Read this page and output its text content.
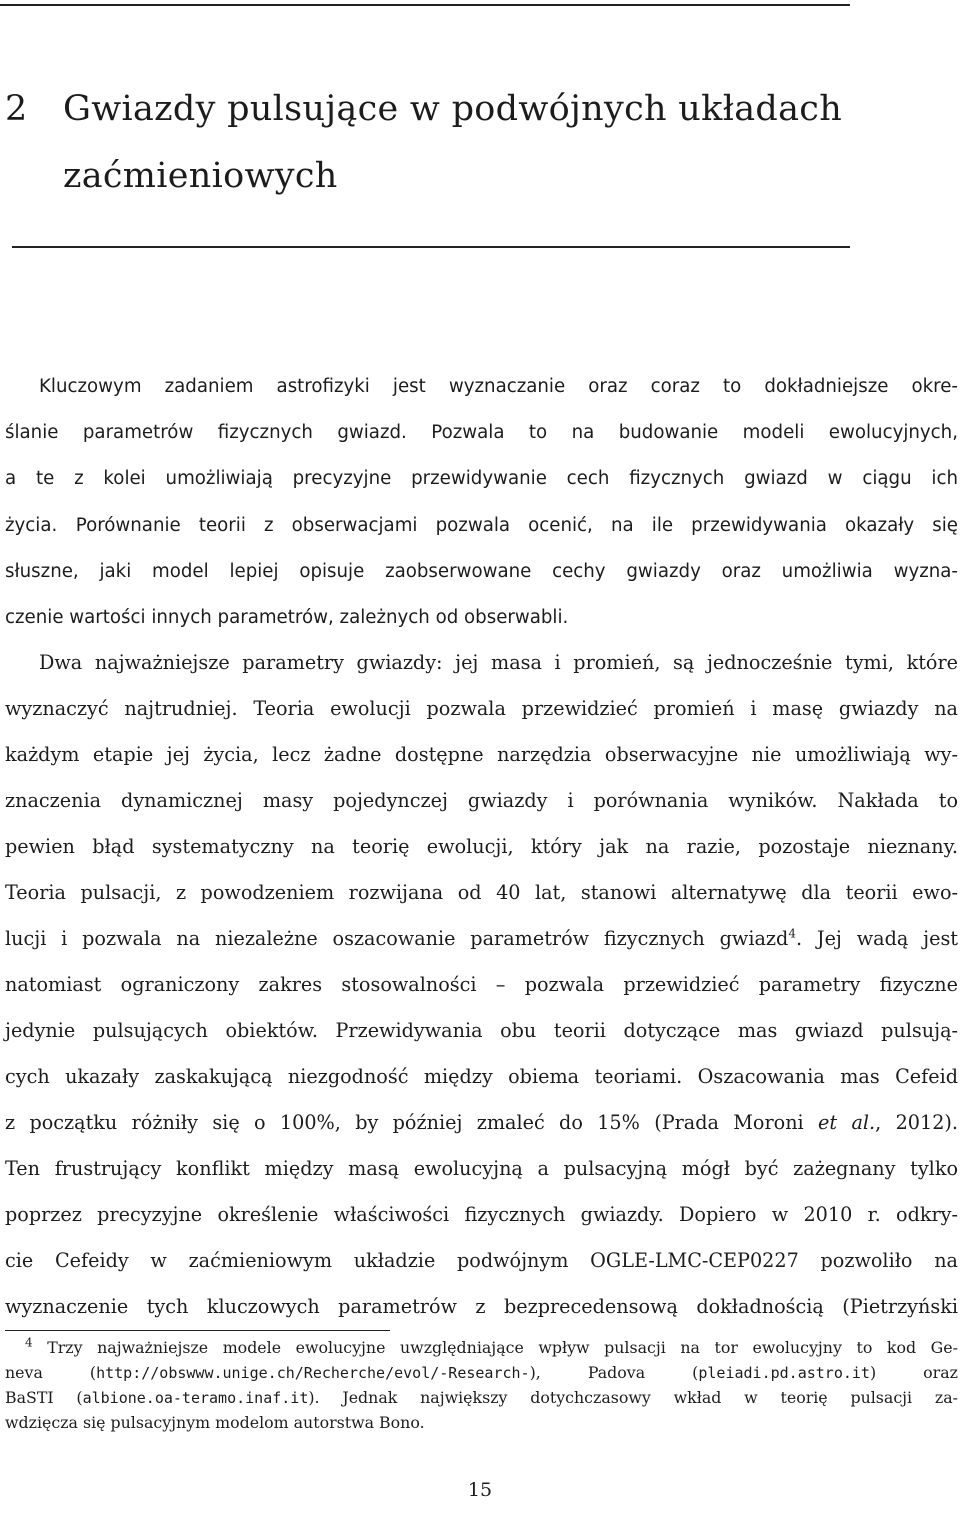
2 Gwiazdy pulsujące w podwójnych układach
zaćmieniowych

Kluczowym zadaniem astrofizyki jest wyznaczanie oraz coraz to dokładniejsze okre-

ślanie parametrów fizycznych gwiazd. Pozwala to na budowanie modeli ewolucyjnych,

a te z kolei umożliwiają precyzyjne przewidywanie cech fizycznych gwiazd w ciągu ich

życia. Porównanie teorii z obserwacjami pozwala ocenić, na ile przewidywania okazały się

słuszne, jaki model lepiej opisuje zaobserwowane cechy gwiazdy oraz umożliwia wyzna-

czenie wartości innych parametrów, zależnych od obserwabli.

Dwa najważniejsze parametry gwiazdy: jej masa i promień, są jednocześnie tymi, które

wyznaczyć najtrudniej. Teoria ewolucji pozwala przewidzieć promień i masę gwiazdy na

każdym etapie jej życia, lecz żadne dostępne narzędzia obserwacyjne nie umożliwiają wy-

znaczenia dynamicznej masy pojedynczej gwiazdy i porównania wyników. Nakłada to

pewien błąd systematyczny na teorię ewolucji, który jak na razie, pozostaje nieznany.

Teoria pulsacji, z powodzeniem rozwijana od 40 lat, stanowi alternatywę dla teorii ewo-

lucji i pozwala na niezależne oszacowanie parametrów fizycznych gwiazd$^4$. Jej wadą jest

natomiast ograniczony zakres stosowalności – pozwala przewidzieć parametry fizyczne

jedynie pulsujących obiektów. Przewidywania obu teorii dotyczące mas gwiazd pulsują-

cych ukazały zaskakującą niezgodność między obiema teoriami. Oszacowania mas Cefeid

z początku różniły się o 100%, by później zmaleć do 15% (Prada Moroni et al., 2012).

Ten frustrujący konflikt między masą ewolucyjną a pulsacyjną mógł być zażegnany tylko

poprzez precyzyjne określenie właściwości fizycznych gwiazdy. Dopiero w 2010 r. odkry-

cie Cefeidy w zaćmieniowym układzie podwójnym OGLE-LMC-CEP0227 pozwoliło na

wyznaczenie tych kluczowych parametrów z bezprecedensową dokładnością (Pietrzyński

$^4$ Trzy najważniejsze modele ewolucyjne uwzględniające wpływ pulsacji na tor ewolucyjny to kod Ge-

neva (http://obswww.unige.ch/Recherche/evol/-Research-), Padova (pleiadi.pd.astro.it) oraz

BaSTI (albione.oa-teramo.inaf.it). Jednak największy dotychczasowy wkład w teorię pulsacji za-

wdzięcza się pulsacyjnym modelom autorstwa Bono.

15
